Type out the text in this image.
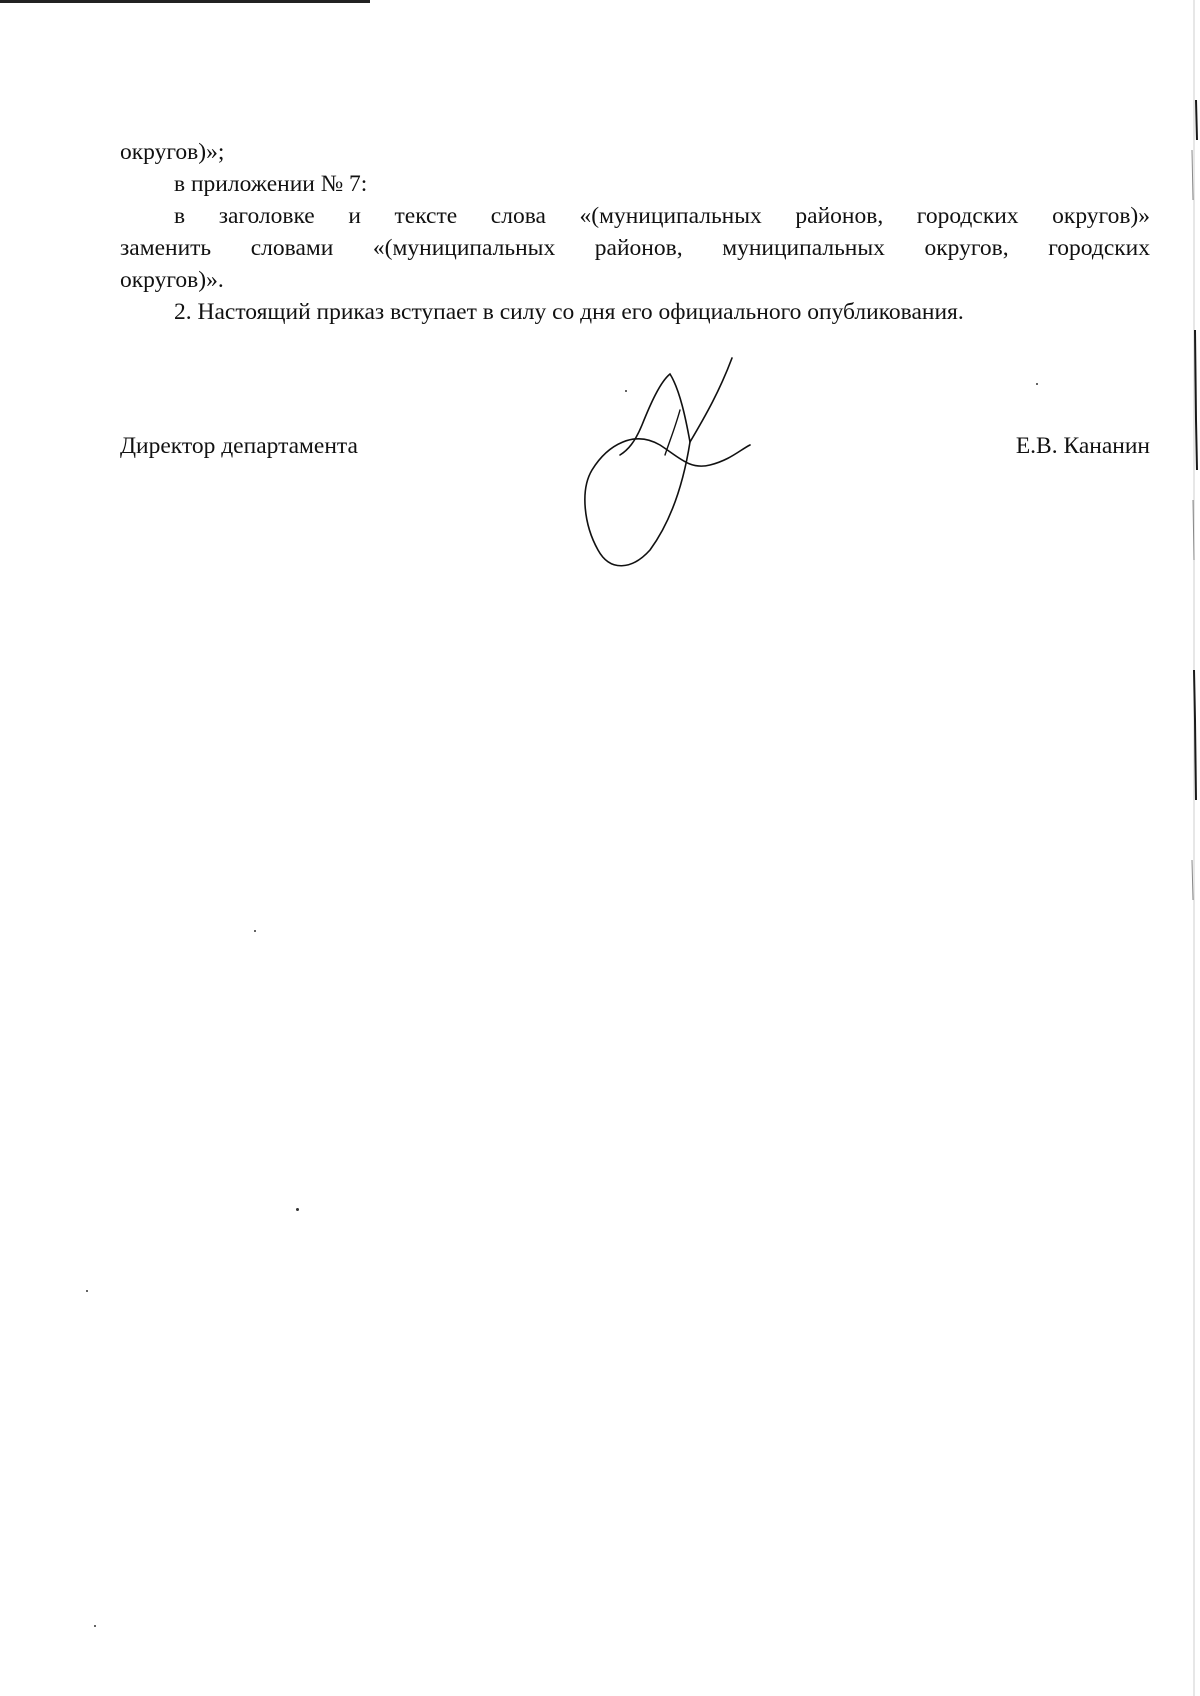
округов)»;
в приложении № 7:
в заголовке и тексте слова «(муниципальных районов, городских округов)»
заменить словами «(муниципальных районов, муниципальных округов, городских
округов)».
2. Настоящий приказ вступает в силу со дня его официального опубликования.
Директор департамента	Е.В. Кананин
